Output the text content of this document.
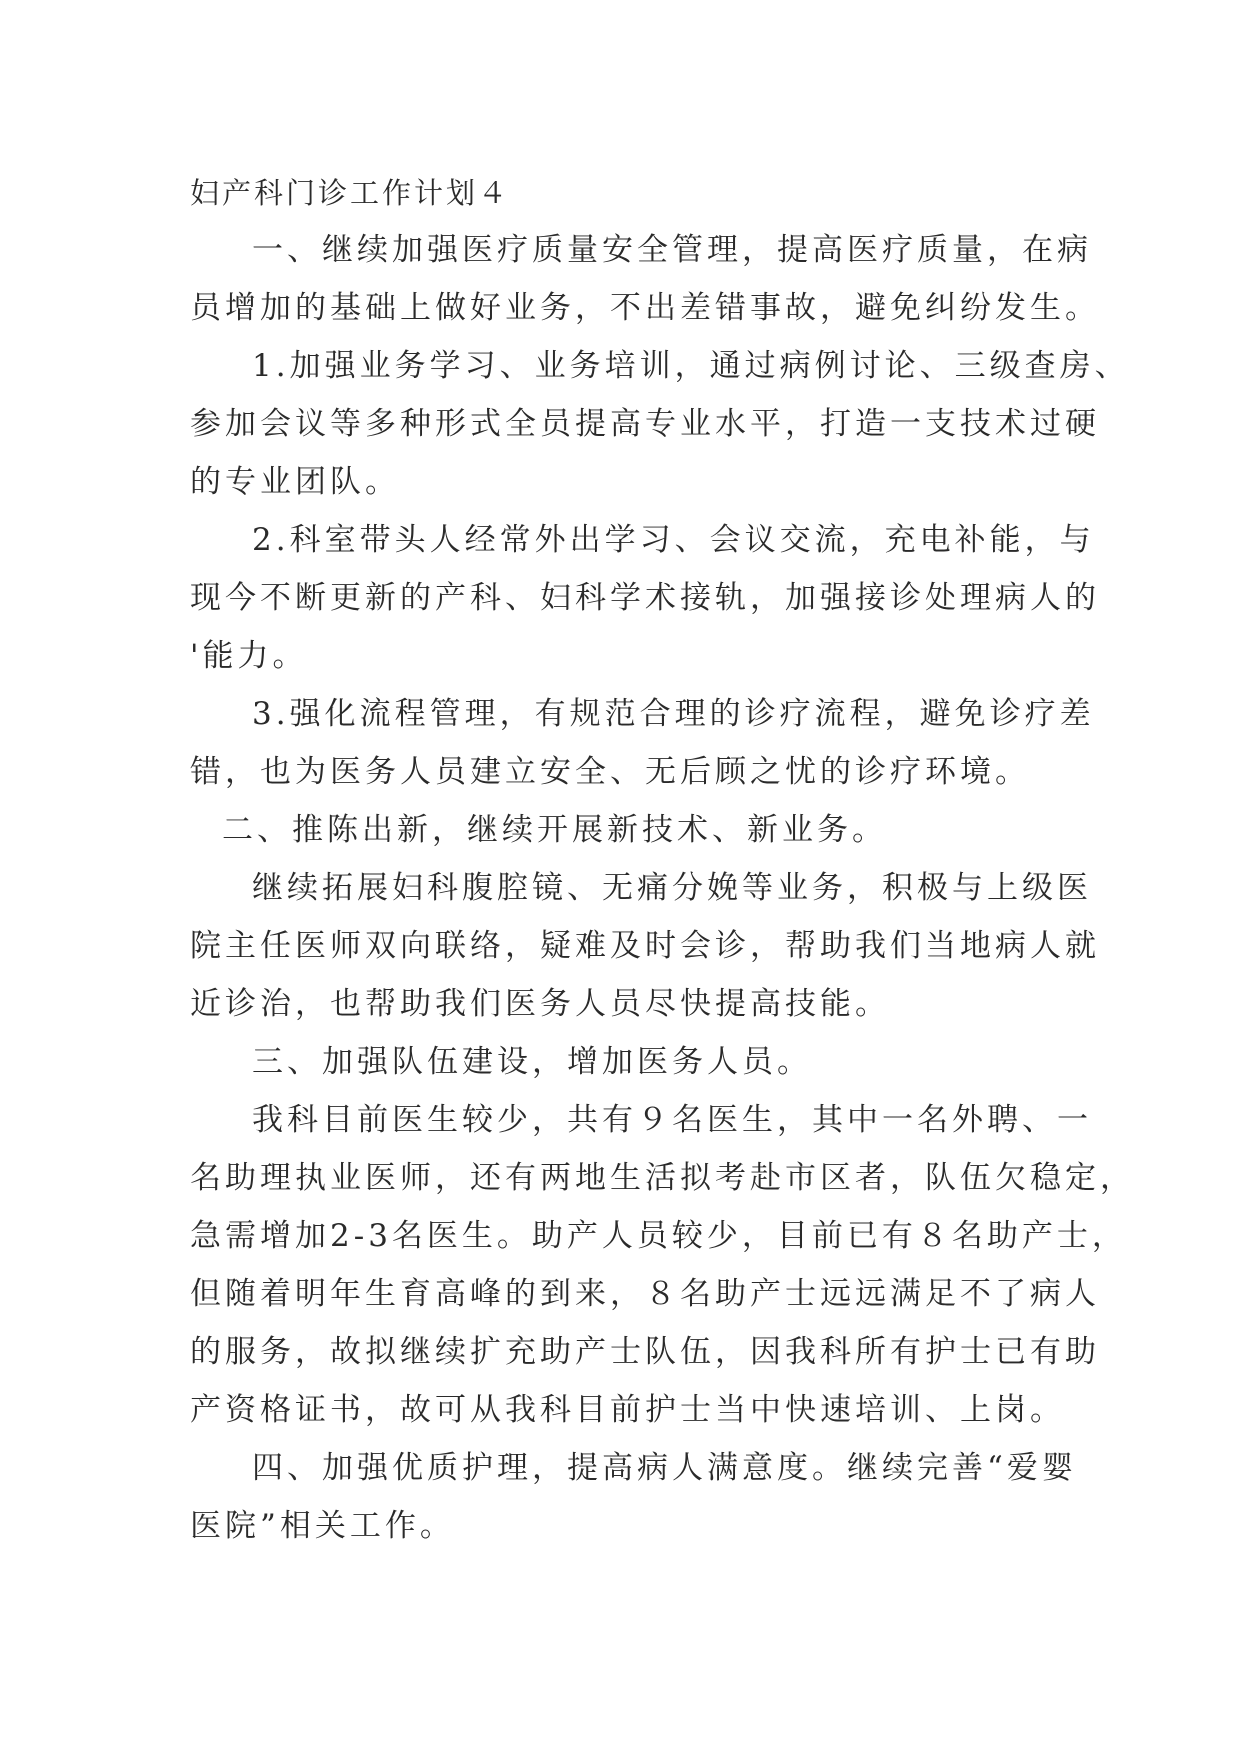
妇产科门诊工作计划４

一、继续加强医疗质量安全管理，提高医疗质量，在病

员增加的基础上做好业务，不出差错事故，避免纠纷发生。

1.加强业务学习、业务培训，通过病例讨论、三级查房、

参加会议等多种形式全员提高专业水平，打造一支技术过硬

的专业团队。

2.科室带头人经常外出学习、会议交流，充电补能，与

现今不断更新的产科、妇科学术接轨，加强接诊处理病人的

'能力。

3.强化流程管理，有规范合理的诊疗流程，避免诊疗差

错，也为医务人员建立安全、无后顾之忧的诊疗环境。

二、推陈出新，继续开展新技术、新业务。

继续拓展妇科腹腔镜、无痛分娩等业务，积极与上级医

院主任医师双向联络，疑难及时会诊，帮助我们当地病人就

近诊治，也帮助我们医务人员尽快提高技能。

三、加强队伍建设，增加医务人员。

我科目前医生较少，共有９名医生，其中一名外聘、一

名助理执业医师，还有两地生活拟考赴市区者，队伍欠稳定，

急需增加2-3名医生。助产人员较少，目前已有８名助产士，

但随着明年生育高峰的到来，８名助产士远远满足不了病人

的服务，故拟继续扩充助产士队伍，因我科所有护士已有助

产资格证书，故可从我科目前护士当中快速培训、上岗。

四、加强优质护理，提高病人满意度。继续完善“爱婴

医院”相关工作。
